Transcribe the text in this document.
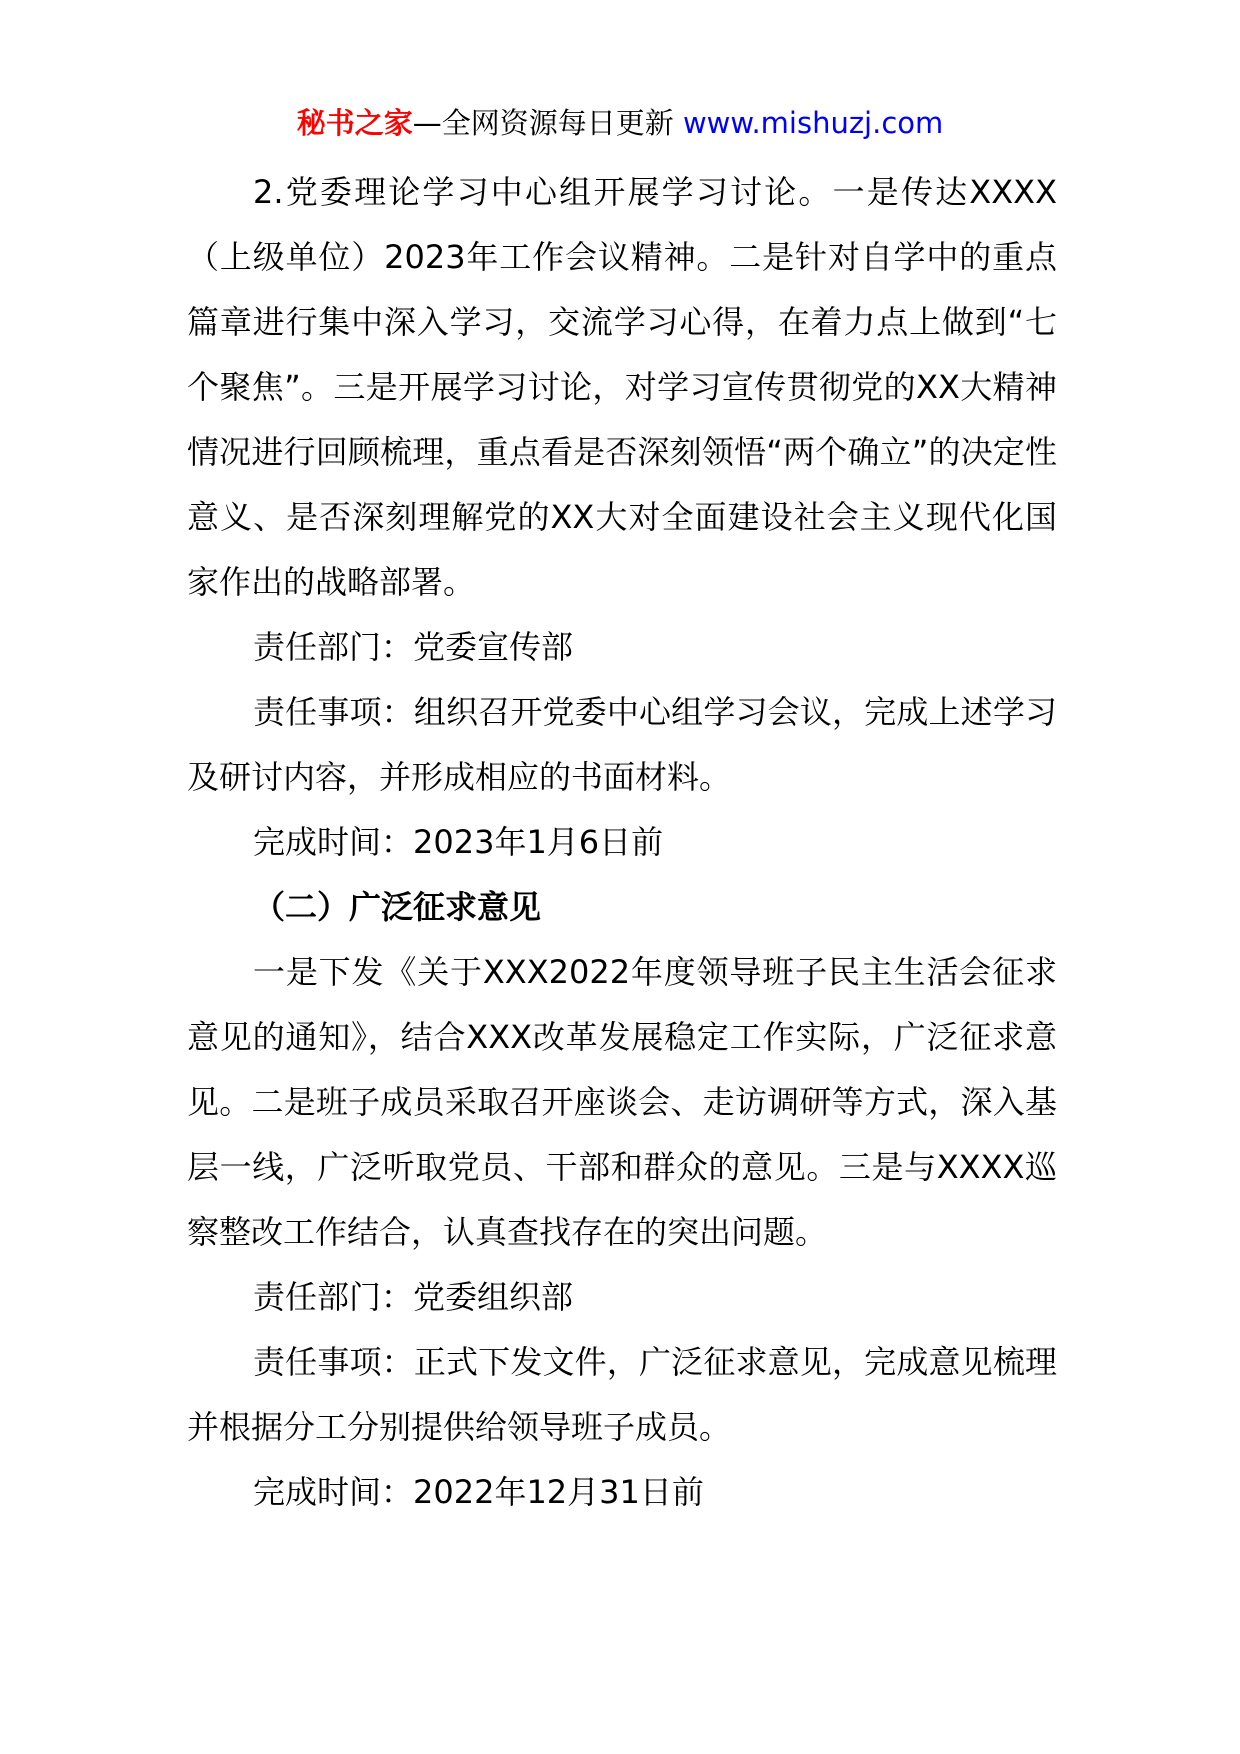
秘书之家—全网资源每日更新 www.mishuzj.com

2.党委理论学习中心组开展学习讨论。一是传达XXXX（上级单位）2023年工作会议精神。二是针对自学中的重点篇章进行集中深入学习，交流学习心得，在着力点上做到“七个聚焦”。三是开展学习讨论，对学习宣传贯彻党的XX大精神情况进行回顾梳理，重点看是否深刻领悟“两个确立”的决定性意义、是否深刻理解党的XX大对全面建设社会主义现代化国家作出的战略部署。

责任部门：党委宣传部

责任事项：组织召开党委中心组学习会议，完成上述学习及研讨内容，并形成相应的书面材料。

完成时间：2023年1月6日前

（二）广泛征求意见

一是下发《关于XXX2022年度领导班子民主生活会征求意见的通知》，结合XXX改革发展稳定工作实际，广泛征求意见。二是班子成员采取召开座谈会、走访调研等方式，深入基层一线，广泛听取党员、干部和群众的意见。三是与XXXX巡察整改工作结合，认真查找存在的突出问题。

责任部门：党委组织部

责任事项：正式下发文件，广泛征求意见，完成意见梳理并根据分工分别提供给领导班子成员。

完成时间：2022年12月31日前
